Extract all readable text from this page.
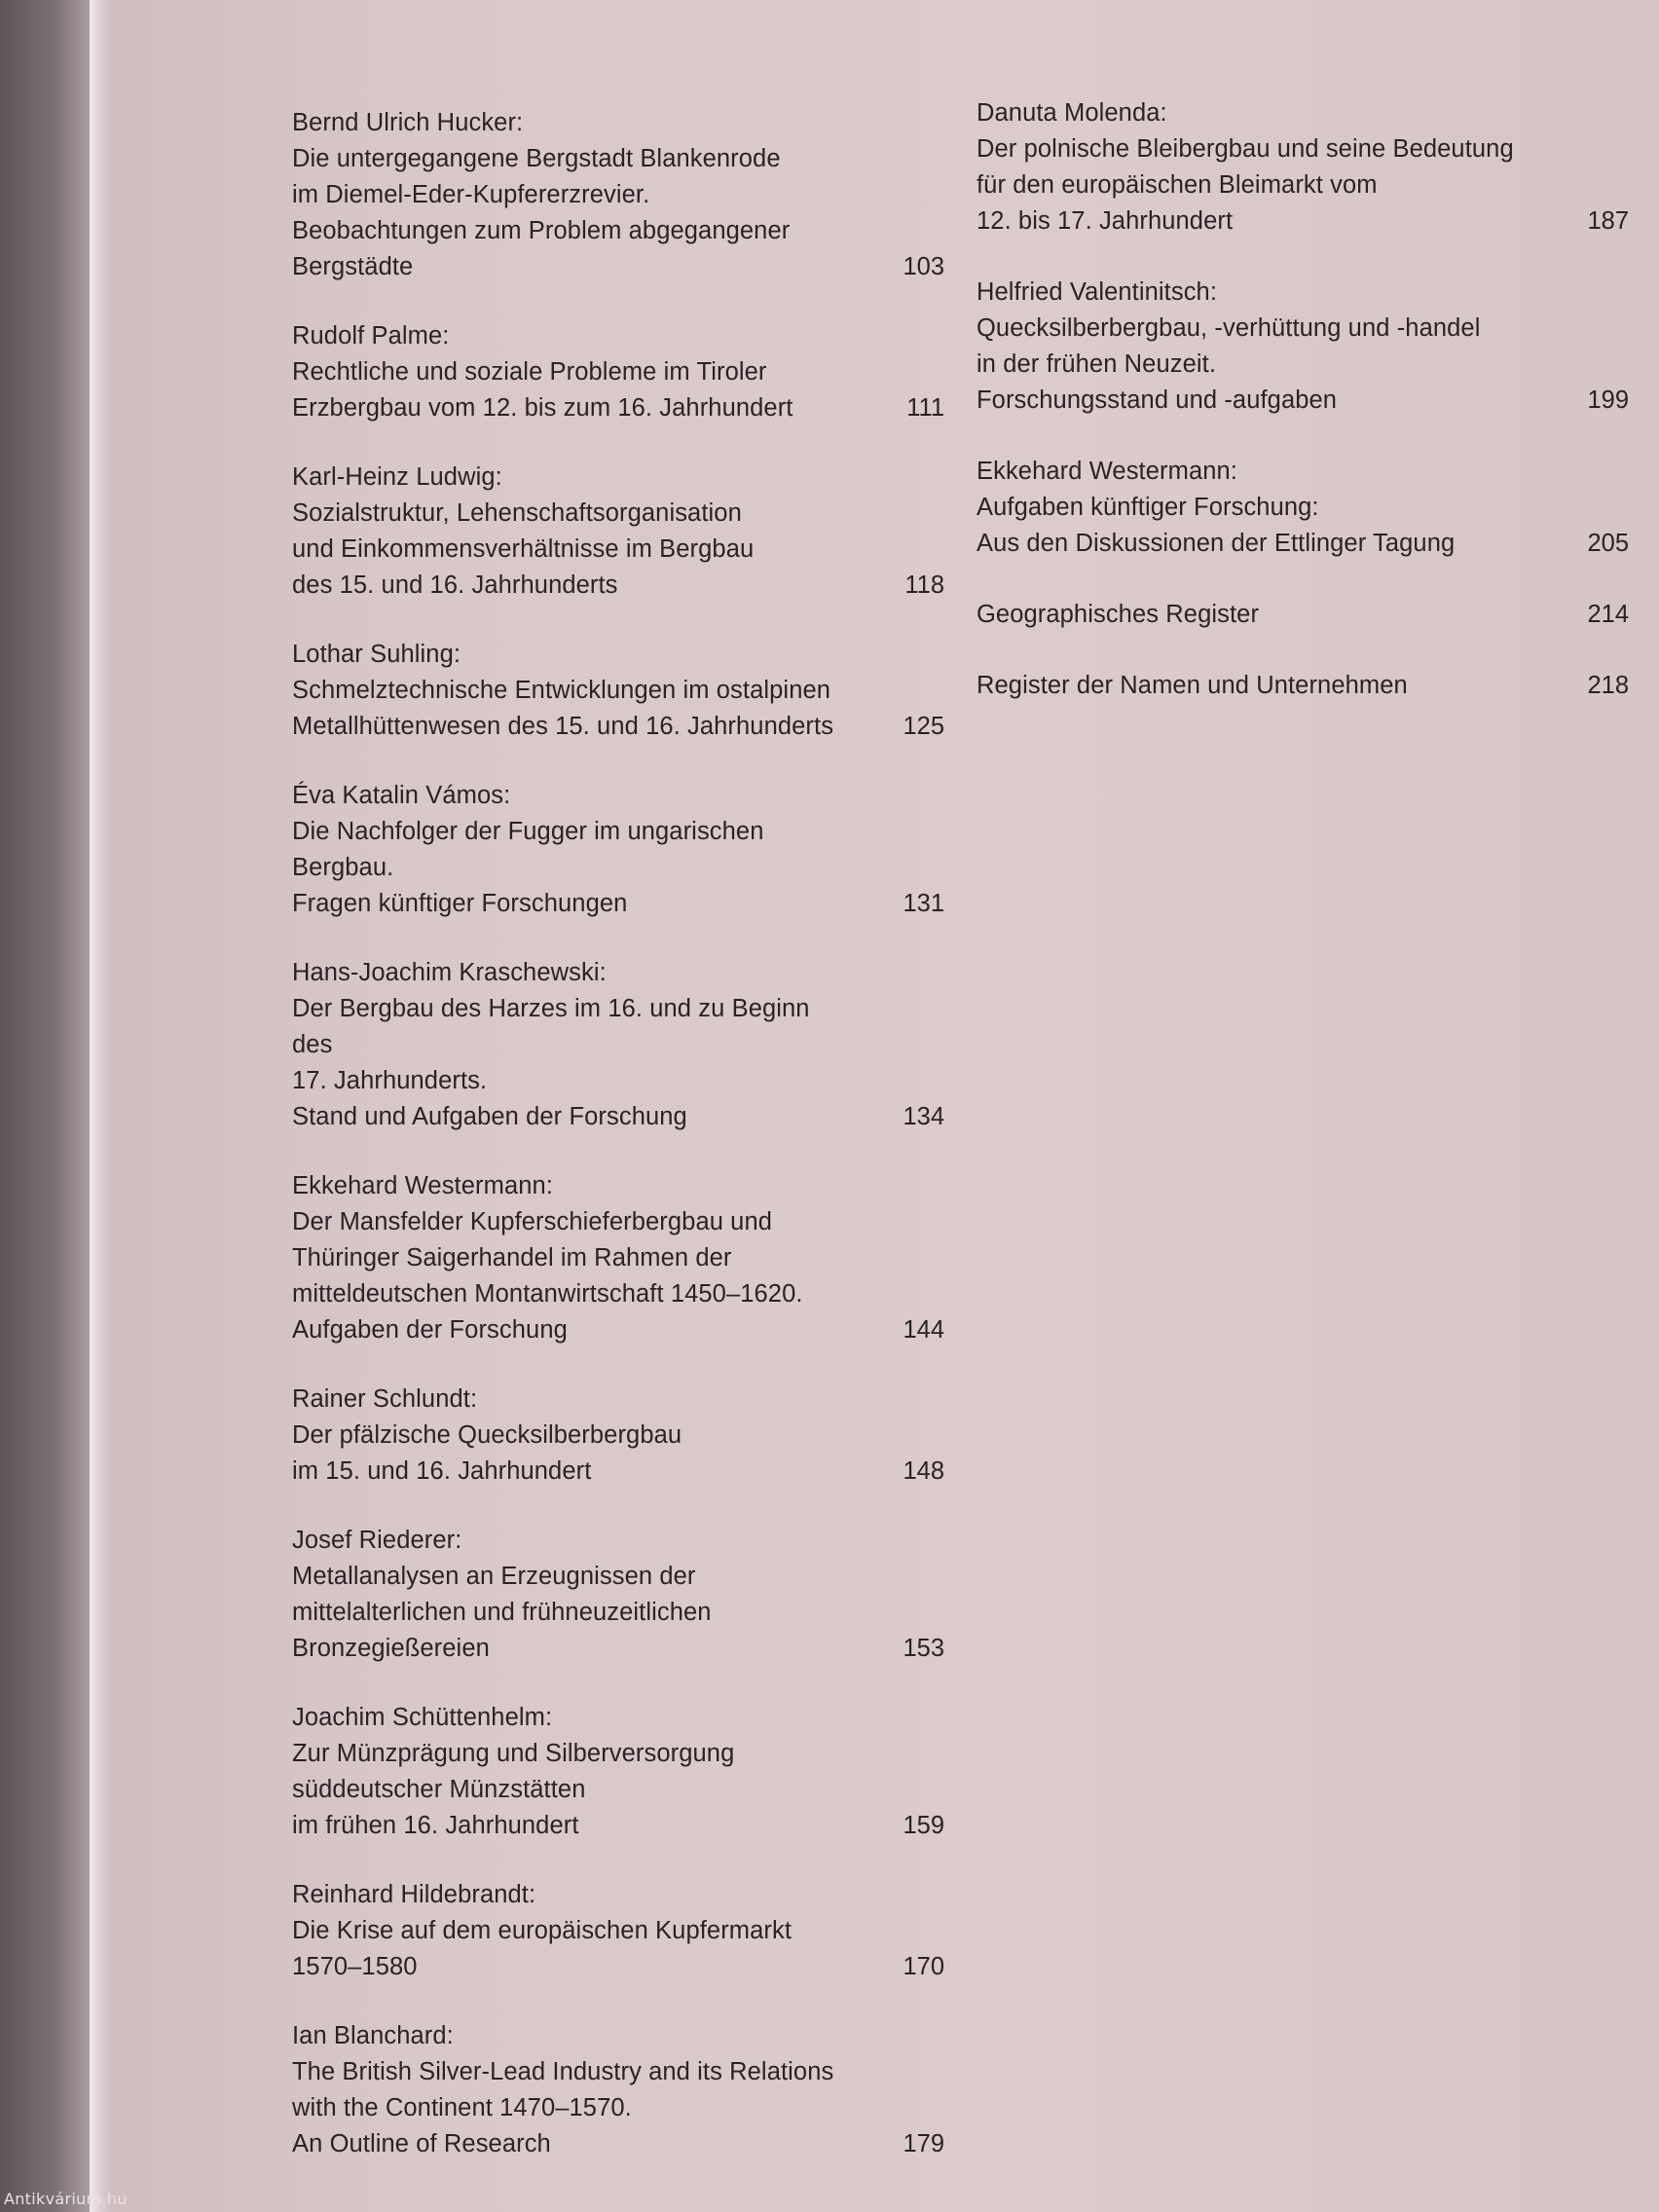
Bernd Ulrich Hucker:

Die untergegangene Bergstadt Blankenrode

im Diemel-Eder-Kupfererzrevier.

Beobachtungen zum Problem abgegangener

Bergstädte	103

Rudolf Palme:

Rechtliche und soziale Probleme im Tiroler

Erzbergbau vom 12. bis zum 16. Jahrhundert	111

Karl-Heinz Ludwig:

Sozialstruktur, Lehenschaftsorganisation

und Einkommensverhältnisse im Bergbau

des 15. und 16. Jahrhunderts	118

Lothar Suhling:

Schmelztechnische Entwicklungen im ostalpinen

Metallhüttenwesen des 15. und 16. Jahrhunderts	125

Éva Katalin Vámos:

Die Nachfolger der Fugger im ungarischen

Bergbau.

Fragen künftiger Forschungen	131

Hans-Joachim Kraschewski:

Der Bergbau des Harzes im 16. und zu Beginn des

17. Jahrhunderts.

Stand und Aufgaben der Forschung	134

Ekkehard Westermann:

Der Mansfelder Kupferschieferbergbau und

Thüringer Saigerhandel im Rahmen der

mitteldeutschen Montanwirtschaft 1450–1620.

Aufgaben der Forschung	144

Rainer Schlundt:

Der pfälzische Quecksilberbergbau

im 15. und 16. Jahrhundert	148

Josef Riederer:

Metallanalysen an Erzeugnissen der

mittelalterlichen und frühneuzeitlichen

Bronzegießereien	153

Joachim Schüttenhelm:

Zur Münzprägung und Silberversorgung

süddeutscher Münzstätten

im frühen 16. Jahrhundert	159

Reinhard Hildebrandt:

Die Krise auf dem europäischen Kupfermarkt

1570–1580	170

Ian Blanchard:

The British Silver-Lead Industry and its Relations

with the Continent 1470–1570.

An Outline of Research	179

Danuta Molenda:

Der polnische Bleibergbau und seine Bedeutung

für den europäischen Bleimarkt vom

12. bis 17. Jahrhundert	187

Helfried Valentinitsch:

Quecksilberbergbau, -verhüttung und -handel

in der frühen Neuzeit.

Forschungsstand und -aufgaben	199

Ekkehard Westermann:

Aufgaben künftiger Forschung:

Aus den Diskussionen der Ettlinger Tagung	205

Geographisches Register	214

Register der Namen und Unternehmen	218
Antikvárium.hu
